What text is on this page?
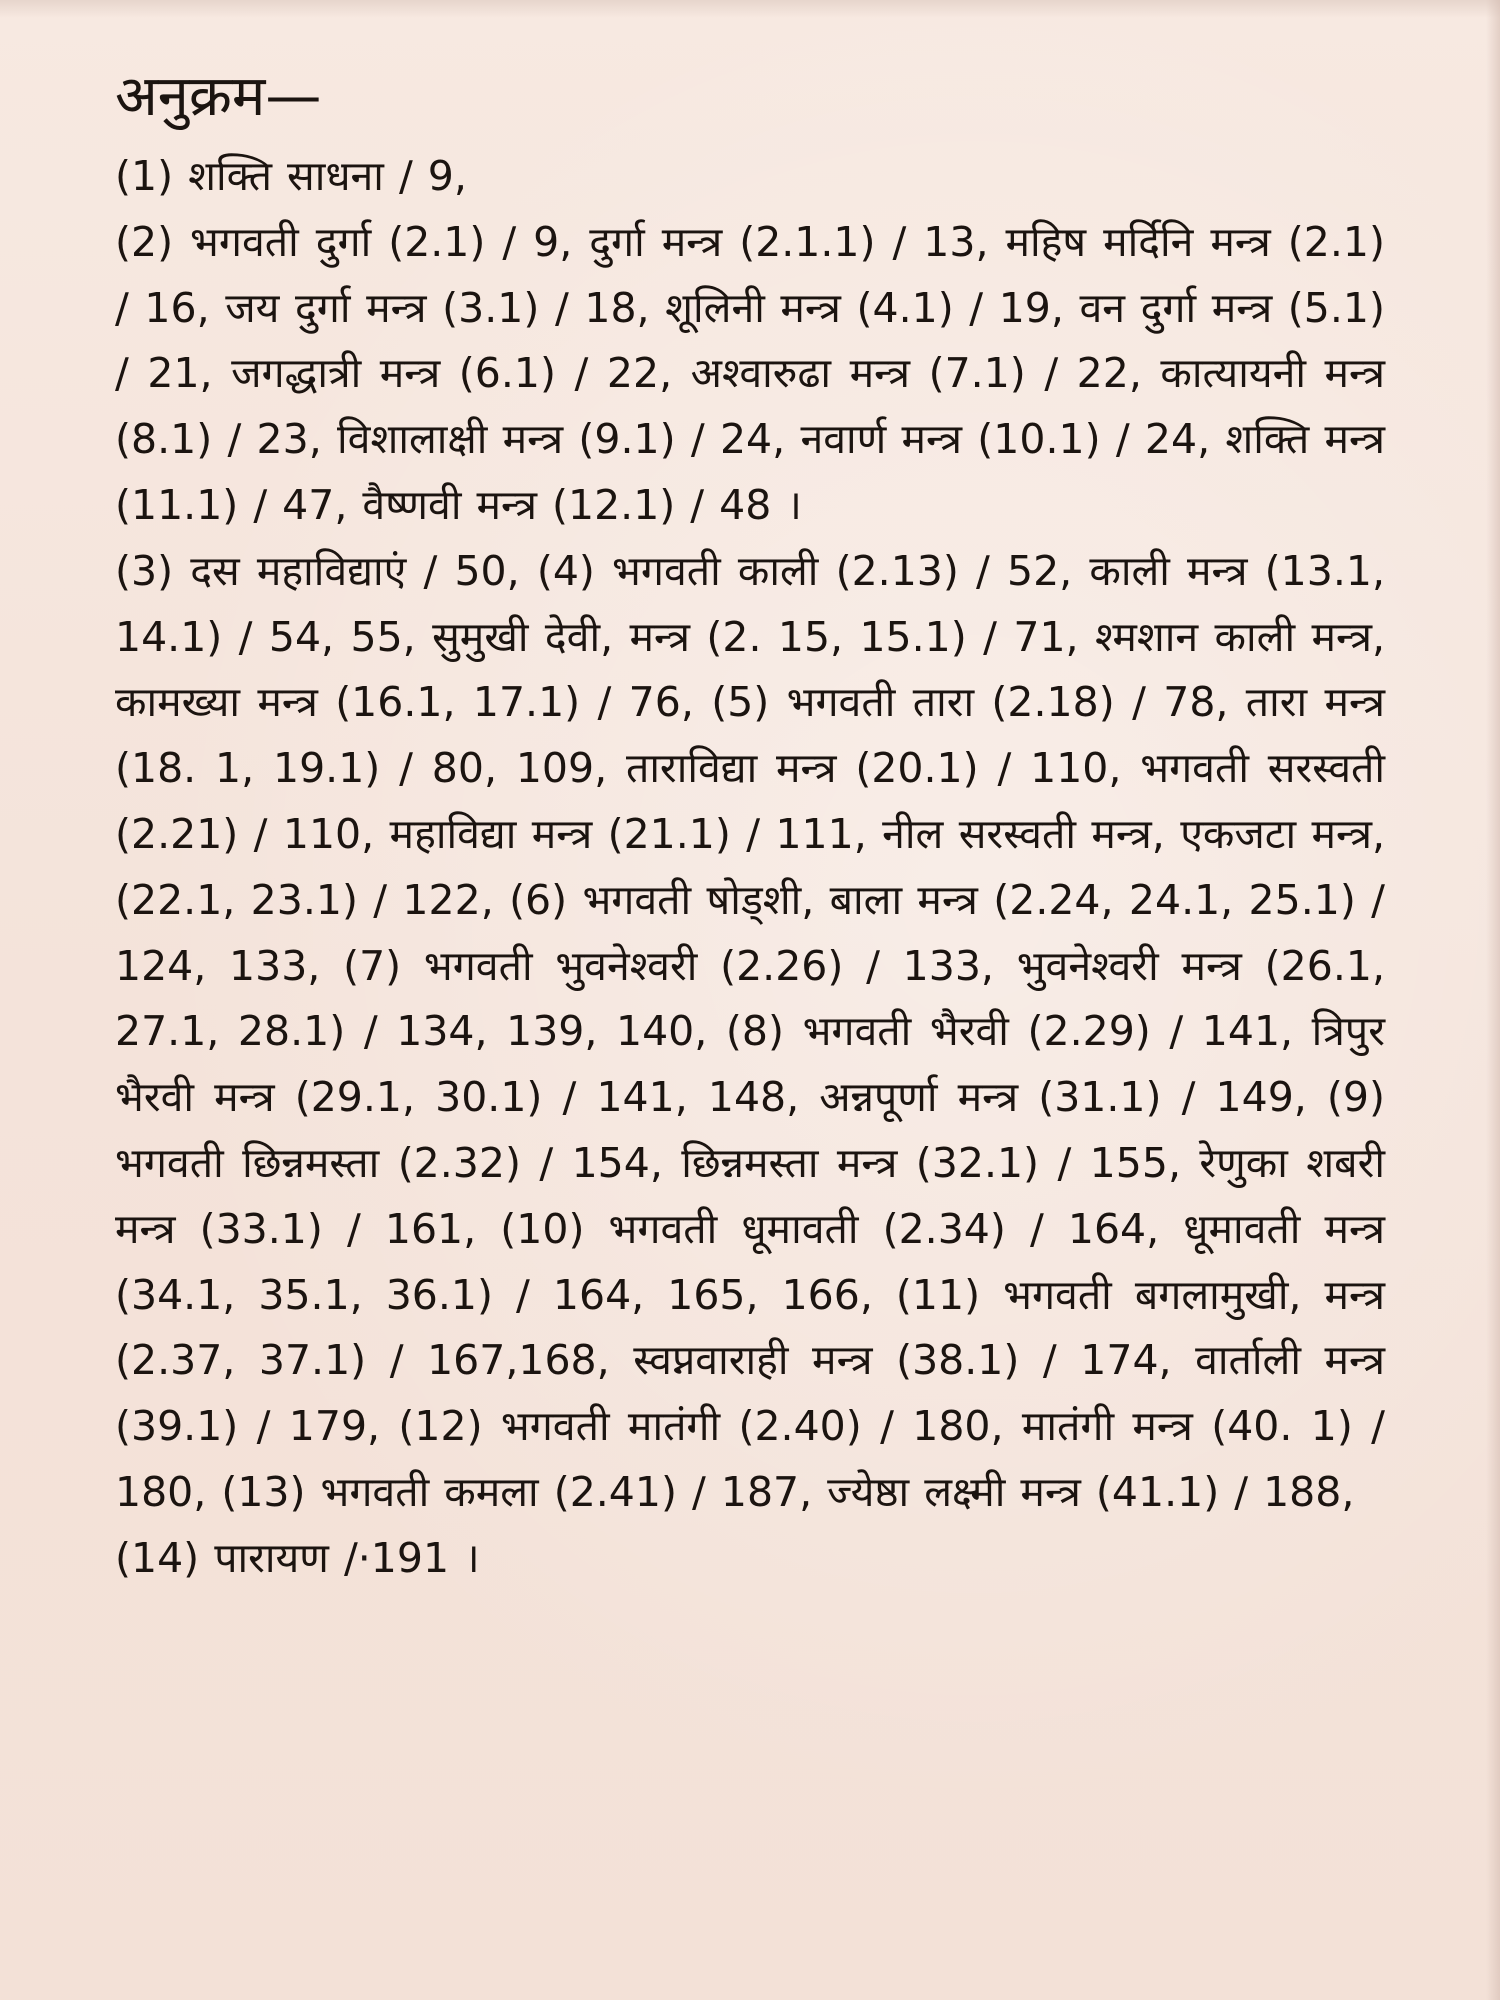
अनुक्रम—

(1) शक्ति साधना / 9,

(2) भगवती दुर्गा (2.1) / 9, दुर्गा मन्त्र (2.1.1) / 13, महिष मर्दिनि मन्त्र (2.1) / 16, जय दुर्गा मन्त्र (3.1) / 18, शूलिनी मन्त्र (4.1) / 19, वन दुर्गा मन्त्र (5.1) / 21, जगद्धात्री मन्त्र (6.1) / 22, अश्वारुढा मन्त्र (7.1) / 22, कात्यायनी मन्त्र (8.1) / 23, विशालाक्षी मन्त्र (9.1) / 24, नवार्ण मन्त्र (10.1) / 24, शक्ति मन्त्र (11.1) / 47, वैष्णवी मन्त्र (12.1) / 48 ।

(3) दस महाविद्याएं / 50, (4) भगवती काली (2.13) / 52, काली मन्त्र (13.1, 14.1) / 54, 55, सुमुखी देवी, मन्त्र (2. 15, 15.1) / 71, श्मशान काली मन्त्र, कामख्या मन्त्र (16.1, 17.1) / 76, (5) भगवती तारा (2.18) / 78, तारा मन्त्र (18. 1, 19.1) / 80, 109, ताराविद्या मन्त्र (20.1) / 110, भगवती सरस्वती (2.21) / 110, महाविद्या मन्त्र (21.1) / 111, नील सरस्वती मन्त्र, एकजटा मन्त्र, (22.1, 23.1) / 122, (6) भगवती षोड्शी, बाला मन्त्र (2.24, 24.1, 25.1) / 124, 133, (7) भगवती भुवनेश्वरी (2.26) / 133, भुवनेश्वरी मन्त्र (26.1, 27.1, 28.1) / 134, 139, 140, (8) भगवती भैरवी (2.29) / 141, त्रिपुर भैरवी मन्त्र (29.1, 30.1) / 141, 148, अन्नपूर्णा मन्त्र (31.1) / 149, (9) भगवती छिन्नमस्ता (2.32) / 154, छिन्नमस्ता मन्त्र (32.1) / 155, रेणुका शबरी मन्त्र (33.1) / 161, (10) भगवती धूमावती (2.34) / 164, धूमावती मन्त्र (34.1, 35.1, 36.1) / 164, 165, 166, (11) भगवती बगलामुखी, मन्त्र (2.37, 37.1) / 167,168, स्वप्नवाराही मन्त्र (38.1) / 174, वार्ताली मन्त्र (39.1) / 179, (12) भगवती मातंगी (2.40) / 180, मातंगी मन्त्र (40. 1) / 180, (13) भगवती कमला (2.41) / 187, ज्येष्ठा लक्ष्मी मन्त्र (41.1) / 188,

(14) पारायण /·191 ।
